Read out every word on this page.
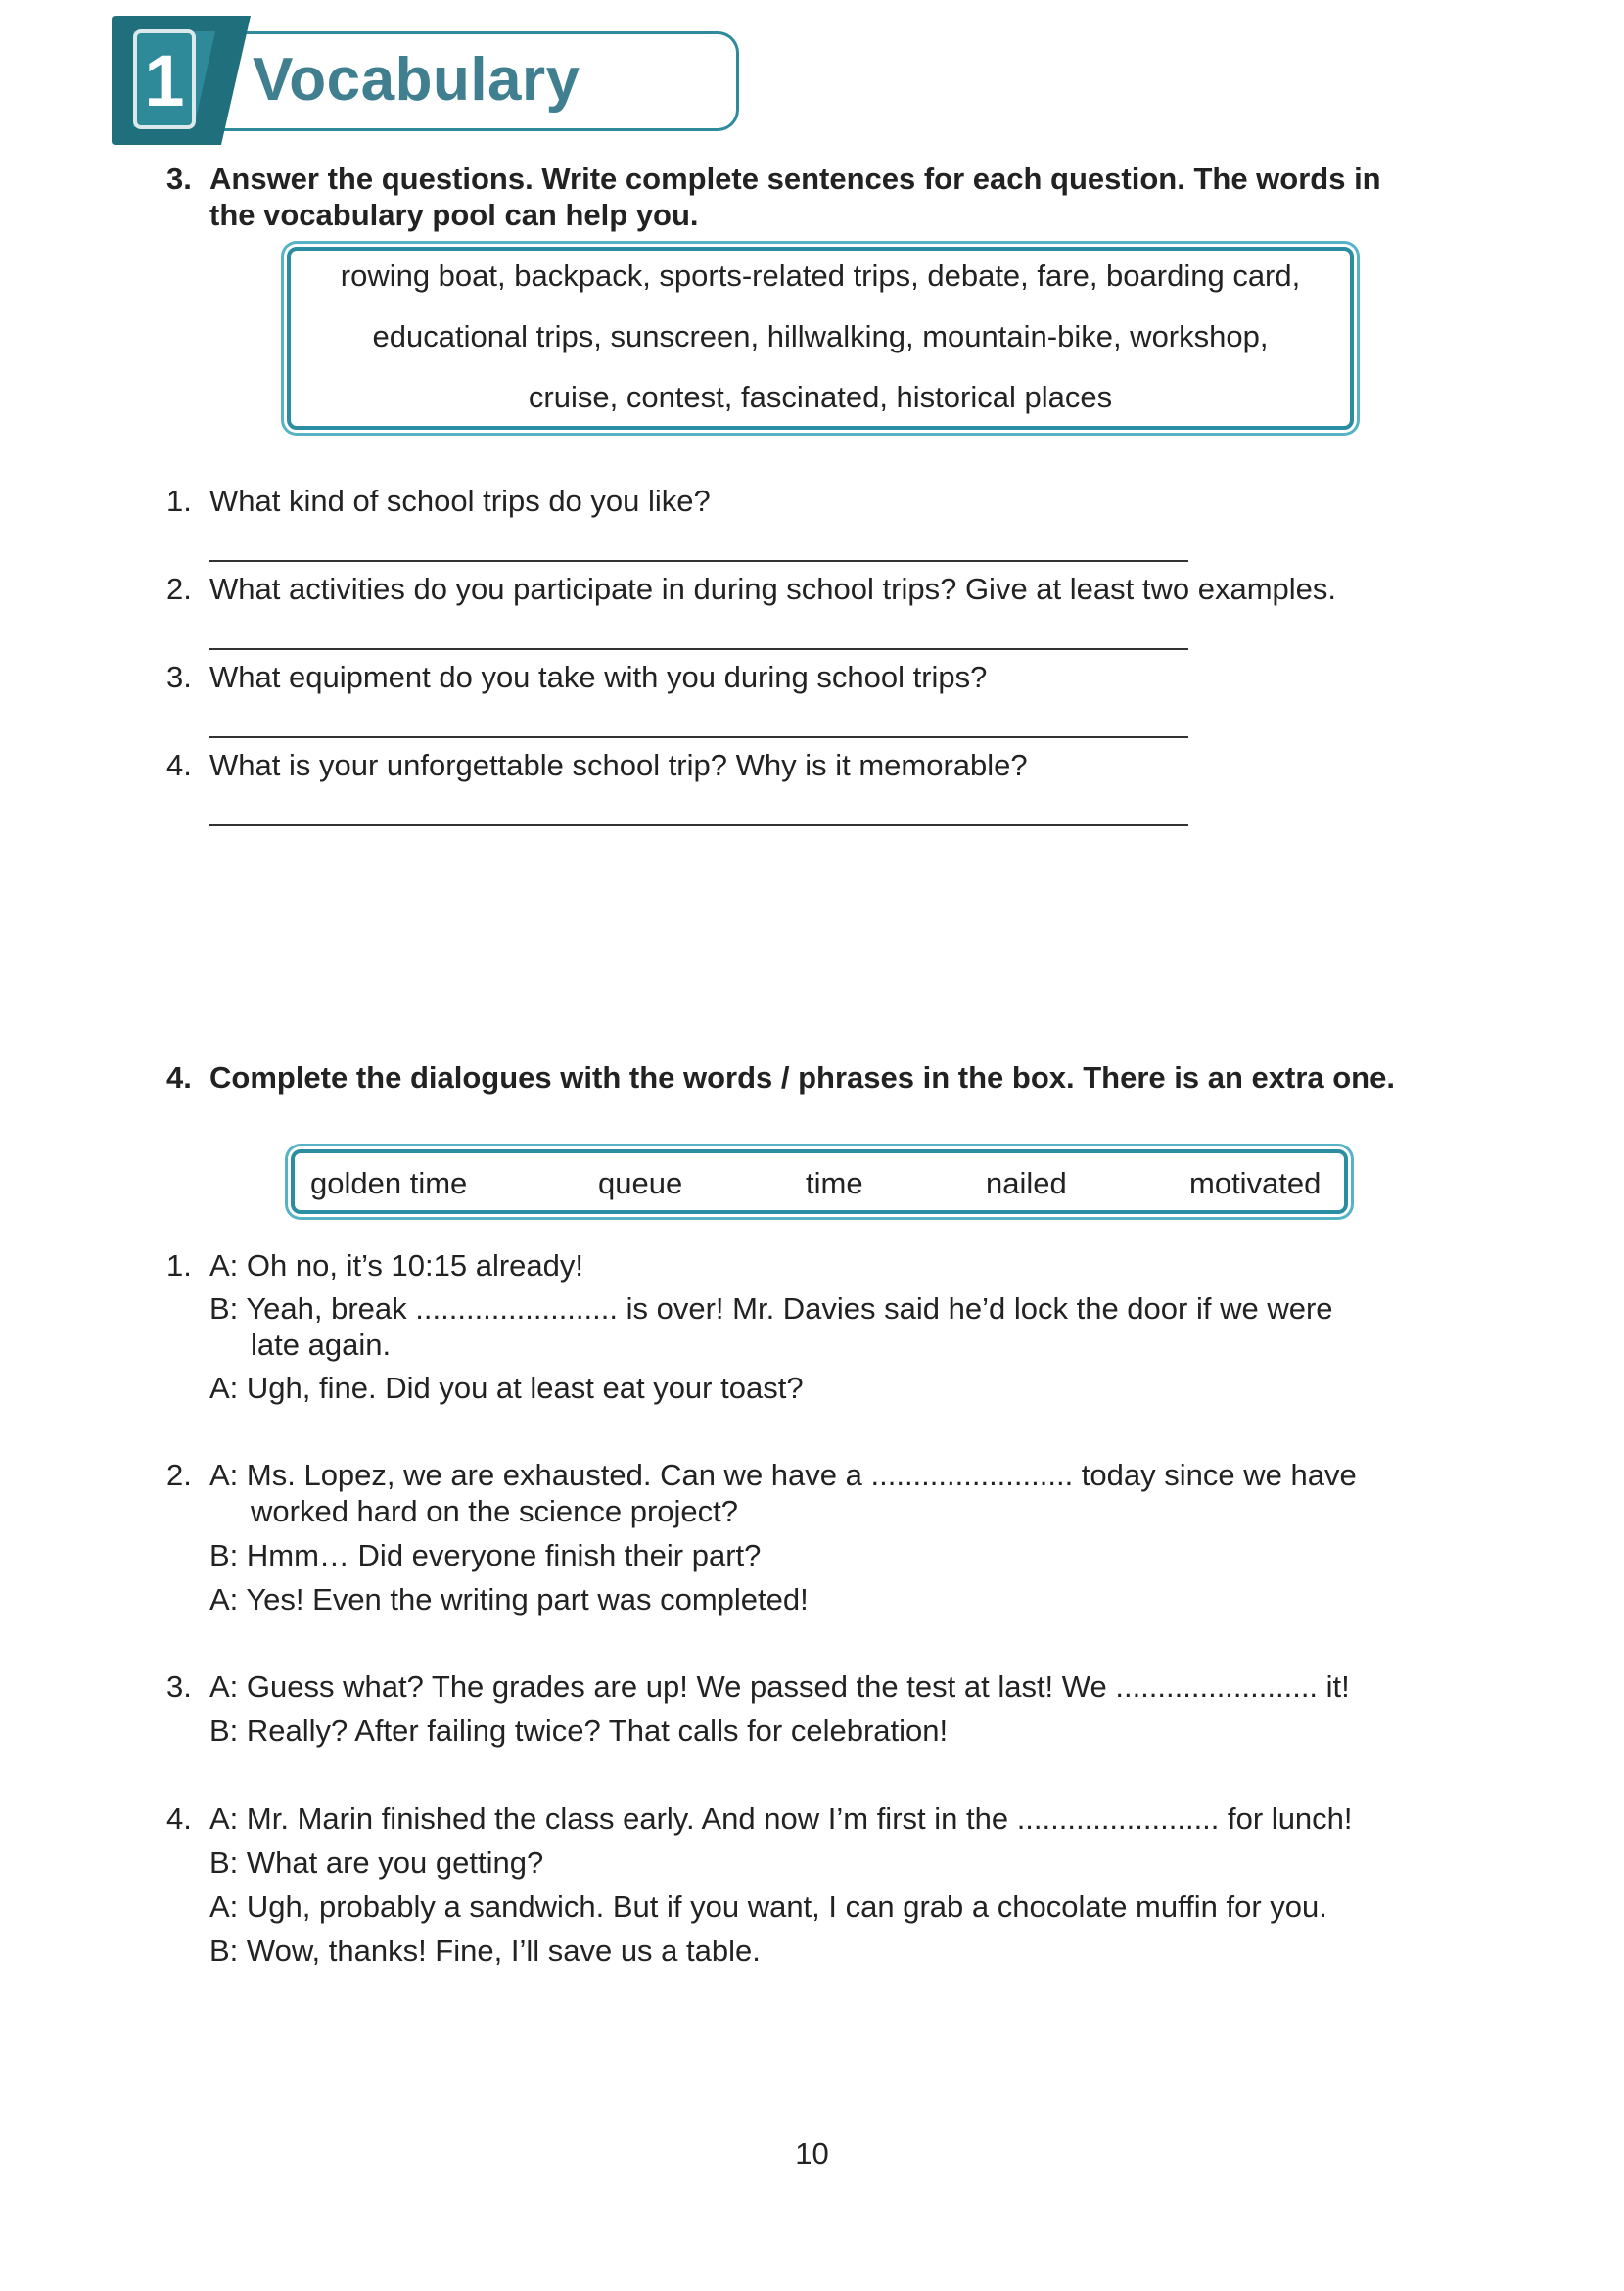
1 Vocabulary
3. Answer the questions. Write complete sentences for each question. The words in
the vocabulary pool can help you.
rowing boat, backpack, sports-related trips, debate, fare, boarding card,
educational trips, sunscreen, hillwalking, mountain-bike, workshop,
cruise, contest, fascinated, historical places
1. What kind of school trips do you like?
2. What activities do you participate in during school trips? Give at least two examples.
3. What equipment do you take with you during school trips?
4. What is your unforgettable school trip? Why is it memorable?
4. Complete the dialogues with the words / phrases in the box. There is an extra one.
golden time	queue	time	nailed	motivated
1. A: Oh no, it’s 10:15 already!
B: Yeah, break ........................ is over! Mr. Davies said he’d lock the door if we were
late again.
A: Ugh, fine. Did you at least eat your toast?
2. A: Ms. Lopez, we are exhausted. Can we have a ........................ today since we have
worked hard on the science project?
B: Hmm… Did everyone finish their part?
A: Yes! Even the writing part was completed!
3. A: Guess what? The grades are up! We passed the test at last! We ........................ it!
B: Really? After failing twice? That calls for celebration!
4. A: Mr. Marin finished the class early. And now I’m first in the ........................ for lunch!
B: What are you getting?
A: Ugh, probably a sandwich. But if you want, I can grab a chocolate muffin for you.
B: Wow, thanks! Fine, I’ll save us a table.
10
